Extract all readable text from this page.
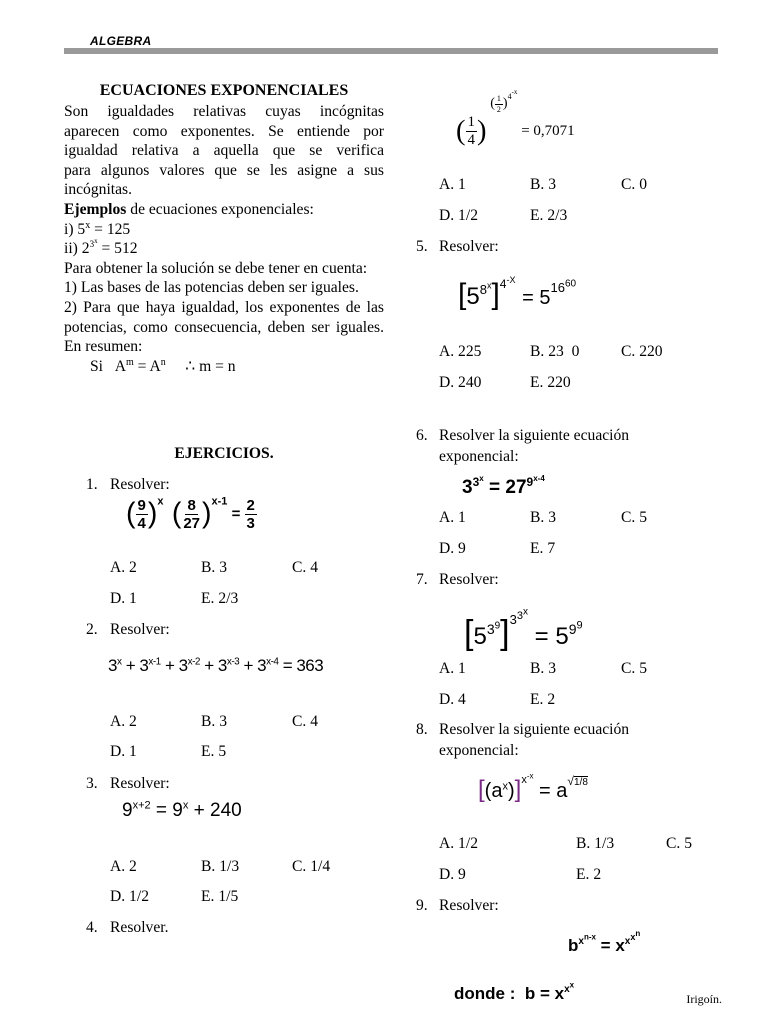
ALGEBRA
ECUACIONES EXPONENCIALES

Son igualdades relativas cuyas incógnitas

aparecen como exponentes. Se entiende por

igualdad relativa a aquella que se verifica

para algunos valores que se les asigne a sus

incógnitas.

Ejemplos de ecuaciones exponenciales:

i) $5^x = 125$

ii) $2^{3^x} = 512$

Para obtener la solución se debe tener en cuenta:

1) Las bases de las potencias deben ser iguales.

2) Para que haya igualdad, los exponentes de las potencias, como consecuencia, deben ser iguales. En resumen:

Si $A^m = A^n$ ∴ m = n

EJERCICIOS.
1. Resolver:
( $\frac{9}{4} )^x$ ( $\frac{8}{27} )^{x-1} = \frac{2}{3}$
A. 2	B. 3	C. 4
D. 1	E. 2/3
2. Resolver:
$3^x + 3^{x-1} + 3^{x-2} + 3^{x-3} + 3^{x-4} = 363$
A. 2	B. 3	C. 4
D. 1	E. 5
3. Resolver:
$9^{x+2} = 9^x + 240$
A. 2	B. 1/3	C. 1/4
D. 1/2	E. 1/5
4. Resolver.
( $\frac{1}{4}$ ) ( $\frac{1}{2} )^{4-x} = 0,7071$
A. 1	B. 3	C. 0
D. 1/2	E. 2/3
5. Resolver:
$[5^{8^x}]^{4^{-X}} = 5^{16^{60}}$
A. 225	B. 23  0	C. 220
D. 240	E. 220
6. Resolver la siguiente ecuación
exponencial:
$3^{3^x} = 27^{9^{x-4}}$
A. 1	B. 3	C. 5
D. 9	E. 7
7. Resolver:
$[5^{3^9}]^{3^{3^x}} = 5^{9^9}$
A. 1	B. 3	C. 5
D. 4	E. 2
8. Resolver la siguiente ecuación
exponencial:
$[(a^x)]^{x^{-x}} = a^{√1/8}$
A. 1/2	B. 1/3	C. 5
D. 9	E. 2
9. Resolver:
$b^{x^{n-x}} = x^{x^{x^n}}$
donde : $b = x^{x^x}$
Irigoín.
